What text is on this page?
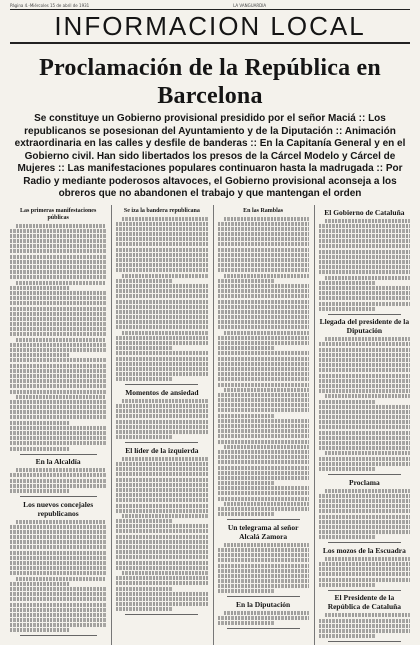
Página 4.-Miércoles 15 de abril de 1931	LA VANGUARDIA
INFORMACION LOCAL
Proclamación de la República en Barcelona

Se constituye un Gobierno provisional presidido por el señor Maciá :: Los republicanos se posesionan del Ayuntamiento y de la Diputación :: Animación extraordinaria en las calles y desfile de banderas :: En la Capitanía General y en el Gobierno civil. Han sido libertados los presos de la Cárcel Modelo y Cárcel de Mujeres :: Las manifestaciones populares continuaron hasta la madrugada :: Por Radio y mediante poderosos altavoces, el Gobierno provisional aconseja a los obreros que no abandonen el trabajo y que mantengan el orden

Las primeras manifestaciones públicas
En la Alcaldía
Los nuevos concejales republicanos
Se iza la bandera republicana
Momentos de ansiedad
El líder de la izquierda
En las Ramblas
Un telegrama al señor Alcalá Zamora
En la Diputación
El Gobierno de Cataluña
Llegada del presidente de la Diputación
Proclama
Los mozos de la Escuadra
El Presidente de la República de Cataluña
